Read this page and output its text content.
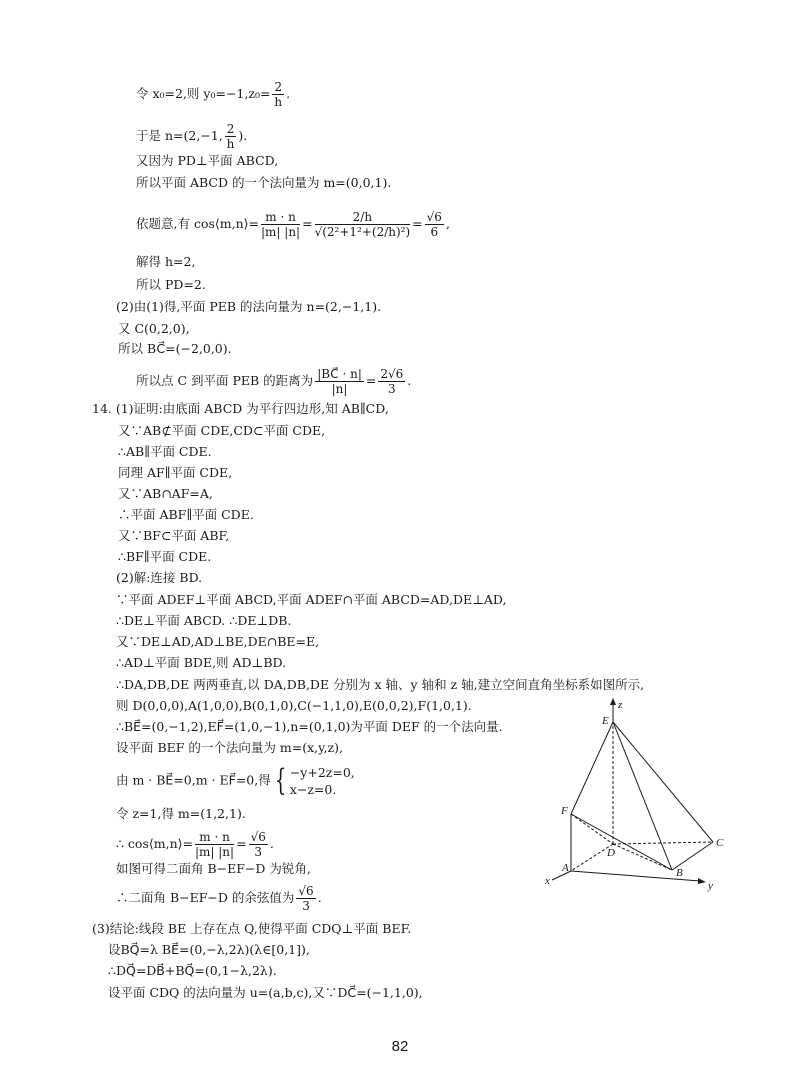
令 x₀=2,则 $y_0=-1,z_0= \frac{2}{h}$ .
于是 n=(2,−1, $\frac{2}{h}$ ).
又因为 PD⊥平面 ABCD,
所以平面 ABCD 的一个法向量为 m=(0,0,1).
依题意,有 cos⟨m,n⟩= $\frac{m \cdot n}{|m| |n|} = \frac{2/h}{\text{√(2²+1²+(2/h)²)}} = \frac{√6}{6}$ ,
解得 h=2,
所以 PD=2.
(2)由(1)得,平面 PEB 的法向量为 n=(2,−1,1).
又 C(0,2,0),
所以 BC⃗=(−2,0,0).
所以点 C 到平面 PEB 的距离为 $\frac{|BC⃗ \cdot n|}{|n|} = \frac{2√6}{3}$ .
14. (1)证明:由底面 ABCD 为平行四边形,知 AB∥CD,
又∵AB⊄平面 CDE,CD⊂平面 CDE,
∴AB∥平面 CDE.
同理 AF∥平面 CDE,
又∵AB∩AF=A,
∴平面 ABF∥平面 CDE.
又∵BF⊂平面 ABF,
∴BF∥平面 CDE.
(2)解:连接 BD.
∵平面 ADEF⊥平面 ABCD,平面 ADEF∩平面 ABCD=AD,DE⊥AD,
∴DE⊥平面 ABCD. ∴DE⊥DB.
又∵DE⊥AD,AD⊥BE,DE∩BE=E,
∴AD⊥平面 BDE,则 AD⊥BD.
∴DA,DB,DE 两两垂直,以 DA,DB,DE 分别为 x 轴、y 轴和 z 轴,建立空间直角坐标系如图所示,
则 D(0,0,0),A(1,0,0),B(0,1,0),C(−1,1,0),E(0,0,2),F(1,0,1).
∴BE⃗=(0,−1,2),EF⃗=(1,0,−1),n=(0,1,0)为平面 DEF 的一个法向量.
设平面 BEF 的一个法向量为 m=(x,y,z),
由 m · BE⃗=0,m · EF⃗=0,得 { −y+2z=0,
x−z=0.
令 z=1,得 m=(1,2,1).
∴ cos⟨m,n⟩= $\frac{m \cdot n}{|m| |n|} = \frac{√6}{3}$ .
如图可得二面角 B−EF−D 为锐角,
∴二面角 B−EF−D 的余弦值为 $\frac{√6}{3}$ .
(3)结论:线段 BE 上存在点 Q,使得平面 CDQ⊥平面 BEF.
设BQ⃗=λ BE⃗=(0,−λ,2λ)(λ∈[0,1]),
∴DQ⃗=DB⃗+BQ⃗=(0,1−λ,2λ).
设平面 CDQ 的法向量为 u=(a,b,c),又∵DC⃗=(−1,1,0),
z
E
F
D
C
A	B
x	y
82
